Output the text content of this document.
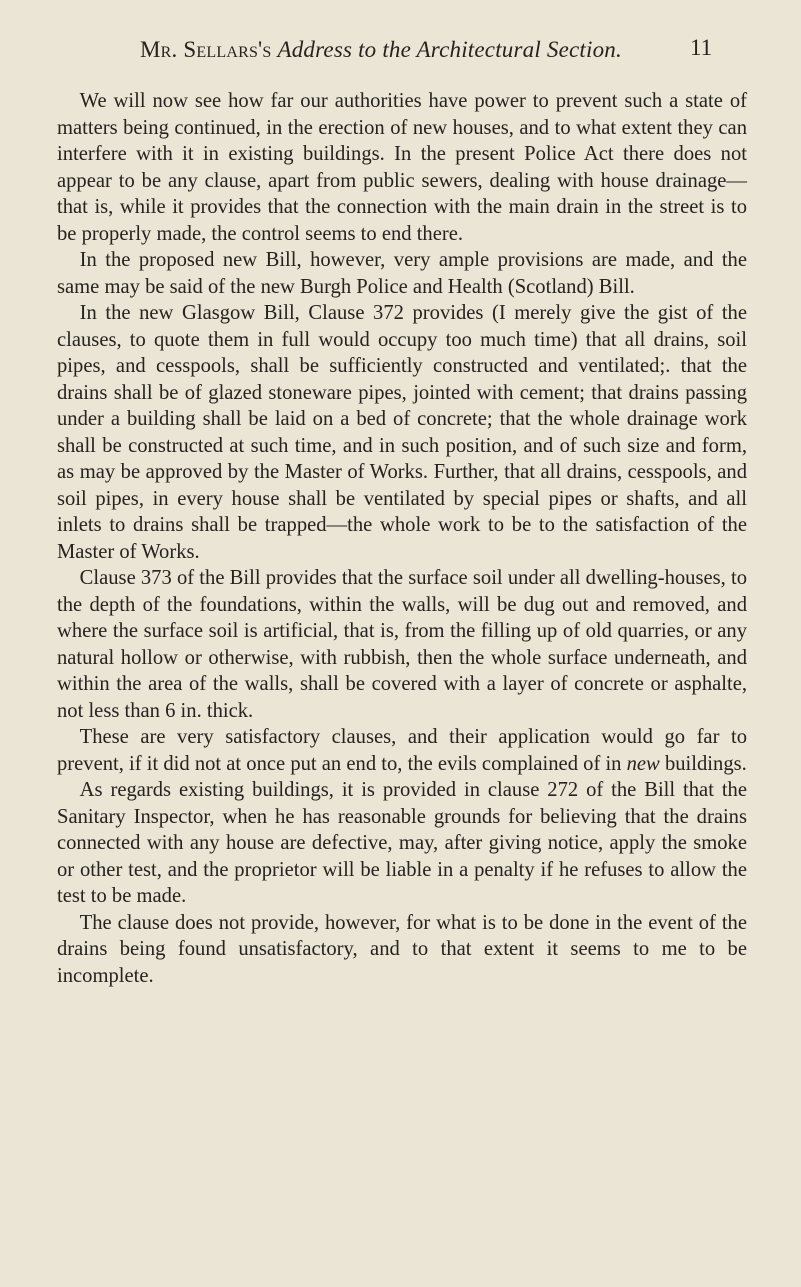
Mr. Sellars's Address to the Architectural Section.	11

We will now see how far our authorities have power to prevent such a state of matters being continued, in the erection of new houses, and to what extent they can interfere with it in existing buildings. In the present Police Act there does not appear to be any clause, apart from public sewers, dealing with house drainage—that is, while it provides that the connection with the main drain in the street is to be properly made, the control seems to end there.

In the proposed new Bill, however, very ample provisions are made, and the same may be said of the new Burgh Police and Health (Scotland) Bill.

In the new Glasgow Bill, Clause 372 provides (I merely give the gist of the clauses, to quote them in full would occupy too much time) that all drains, soil pipes, and cesspools, shall be sufficiently constructed and ventilated;. that the drains shall be of glazed stoneware pipes, jointed with cement; that drains passing under a building shall be laid on a bed of concrete; that the whole drainage work shall be constructed at such time, and in such position, and of such size and form, as may be approved by the Master of Works. Further, that all drains, cesspools, and soil pipes, in every house shall be ventilated by special pipes or shafts, and all inlets to drains shall be trapped—the whole work to be to the satisfaction of the Master of Works.

Clause 373 of the Bill provides that the surface soil under all dwelling-houses, to the depth of the foundations, within the walls, will be dug out and removed, and where the surface soil is artificial, that is, from the filling up of old quarries, or any natural hollow or otherwise, with rubbish, then the whole surface underneath, and within the area of the walls, shall be covered with a layer of concrete or asphalte, not less than 6 in. thick.

These are very satisfactory clauses, and their application would go far to prevent, if it did not at once put an end to, the evils complained of in new buildings.

As regards existing buildings, it is provided in clause 272 of the Bill that the Sanitary Inspector, when he has reasonable grounds for believing that the drains connected with any house are defective, may, after giving notice, apply the smoke or other test, and the proprietor will be liable in a penalty if he refuses to allow the test to be made.

The clause does not provide, however, for what is to be done in the event of the drains being found unsatisfactory, and to that extent it seems to me to be incomplete.
